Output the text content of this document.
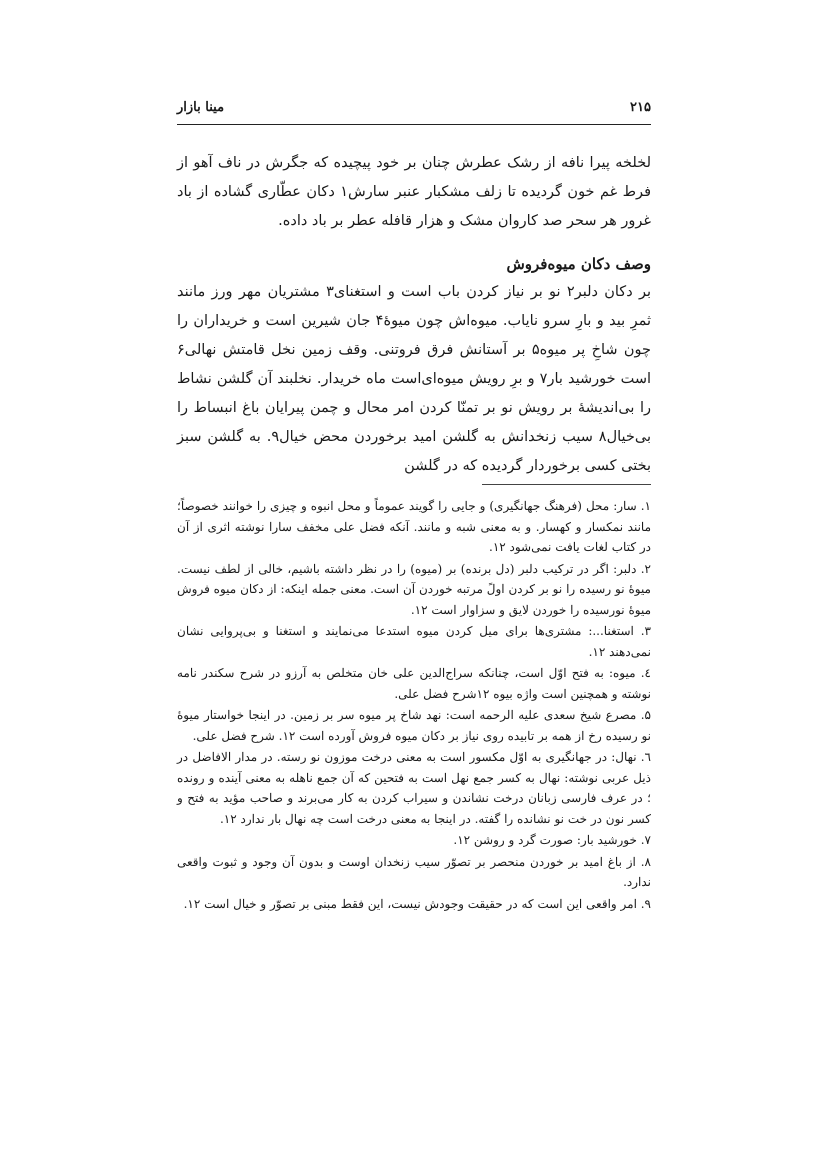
۲۱۵
مینا بازار
لخلخه پیرا نافه از رشک عطرش چنان بر خود پیچیده که جگرش در ناف آهو از فرط غم خون گردیده تا زلف مشکبار عنبر سارش۱ دکان عطّاری گشاده از باد غرور هر سحر صد کاروان مشک و هزار قافله عطر بر باد داده.
وصف دکان میوه‌فروش
بر دکان دلبر۲ نو بر نیاز کردن باب است و استغنای۳ مشتریان مهر ورز مانند ثمرِ بید و بارِ سرو نایاب. میوه‌اش چون میوهٔ۴ جان شیرین است و خریداران را چون شاخِ پر میوه۵ بر آستانش فرق فروتنی. وقف زمین نخل قامتش نهالی۶ است خورشید بار۷ و برِ رویش میوه‌ای‌است ماه خریدار. نخلبند آن گلشن نشاط را بی‌اندیشهٔ بر رویش نو بر تمنّا کردن امر محال و چمن پیرایان باغ انبساط را بی‌خیال۸ سیب زنخدانش به گلشن امید برخوردن محض خیال۹. به گلشن سبز بختی کسی برخوردار گردیده که در گلشن
۱. سار: محل (فرهنگ جهانگیری) و جایی را گویند عموماً و محل انبوه و چیزی را خوانند خصوصاً؛ مانند نمکسار و کهسار. و به معنی شبه و مانند. آنکه فضل علی مخفف سارا نوشته اثری از آن در کتاب لغات یافت نمی‌شود ۱۲.
۲. دلبر: اگر در ترکیب دلبر (دل برنده) بر (میوه) را در نظر داشته باشیم، خالی از لطف نیست. میوهٔ نو رسیده را نو بر کردن اولً مرتبه خوردن آن است. معنی جمله اینکه: از دکان میوه فروش میوهٔ نورسیده را خوردن لایق و سزاوار است ۱۲.
۳. استغنا...: مشتری‌ها برای میل کردن میوه استدعا می‌نمایند و استغنا و بی‌پروایی نشان نمی‌دهند ۱۲.
٤. میوه: به فتح اوّل است، چنانکه سراج‌الدین علی خان متخلص به آرزو در شرح سکندر نامه نوشته و همچنین است واژه بیوه ۱۲شرح فضل علی.
۵. مصرع شیخ سعدی علیه الرحمه است: نهد شاخ پر میوه سر بر زمین. در اینجا خواستار میوهٔ نو رسیده رخ از همه بر تابیده روی نیاز بر دکان میوه فروش آورده است ۱۲. شرح فضل علی.
٦. نهال: در جهانگیری به اوّل مکسور است به معنی درخت موزون نو رسته. در مدار الافاضل در ذیل عربی نوشته: نهال به کسر جمع نهل است به فتحین که آن جمع ناهله به معنی آینده و رونده ؛ در عرف فارسی زبانان درخت نشاندن و سیراب کردن به کار می‌برند و صاحب مؤید به فتح و کسر نون در خت نو نشانده را گفته. در اینجا به معنی درخت است چه نهال بار ندارد ۱۲.
۷. خورشید بار: صورت گرد و روشن ۱۲.
۸. از باغ امید بر خوردن منحصر بر تصوّر سیب زنخدان اوست و بدون آن وجود و ثبوت واقعی ندارد.
۹. امر واقعی این است که در حقیقت وجودش نیست، این فقط مبنی بر تصوّر و خیال است ۱۲.
